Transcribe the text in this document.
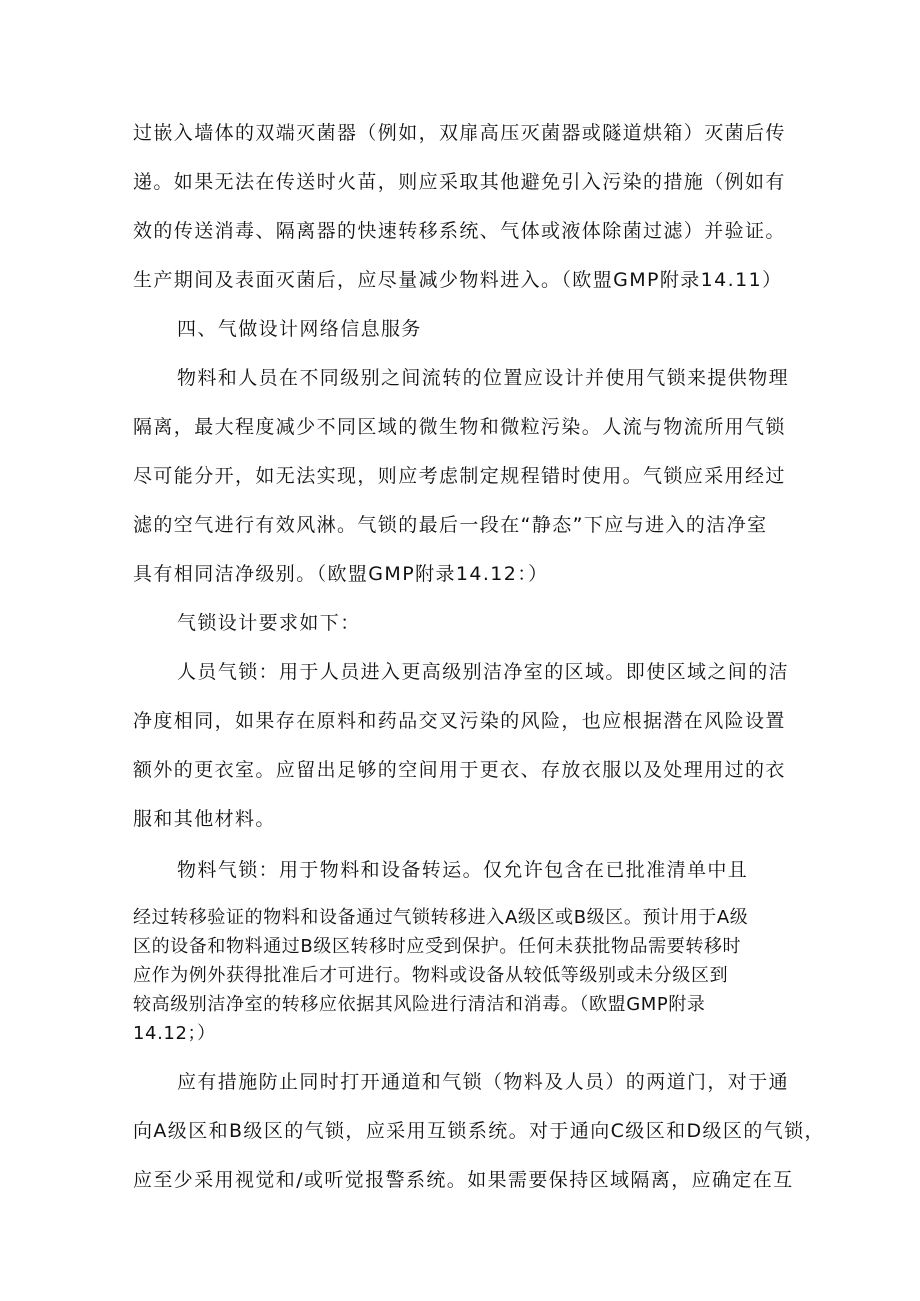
过嵌入墙体的双端灭菌器（例如，双扉高压灭菌器或隧道烘箱）灭菌后传
递。如果无法在传送时火苗，则应采取其他避免引入污染的措施（例如有
效的传送消毒、隔离器的快速转移系统、气体或液体除菌过滤）并验证。
生产期间及表面灭菌后，应尽量减少物料进入。（欧盟GMP附录14.11）
四、气做设计网络信息服务
物料和人员在不同级别之间流转的位置应设计并使用气锁来提供物理
隔离，最大程度减少不同区域的微生物和微粒污染。人流与物流所用气锁
尽可能分开，如无法实现，则应考虑制定规程错时使用。气锁应采用经过
滤的空气进行有效风淋。气锁的最后一段在“静态”下应与进入的洁净室
具有相同洁净级别。（欧盟GMP附录14.12：）
气锁设计要求如下：
人员气锁：用于人员进入更高级别洁净室的区域。即使区域之间的洁
净度相同，如果存在原料和药品交叉污染的风险，也应根据潜在风险设置
额外的更衣室。应留出足够的空间用于更衣、存放衣服以及处理用过的衣
服和其他材料。
物料气锁：用于物料和设备转运。仅允许包含在已批准清单中且
经过转移验证的物料和设备通过气锁转移进入A级区或B级区。预计用于A级
区的设备和物料通过B级区转移时应受到保护。任何未获批物品需要转移时
应作为例外获得批准后才可进行。物料或设备从较低等级别或未分级区到
较高级别洁净室的转移应依据其风险进行清洁和消毒。（欧盟GMP附录
14.12；）
应有措施防止同时打开通道和气锁（物料及人员）的两道门，对于通
向A级区和B级区的气锁，应采用互锁系统。对于通向C级区和D级区的气锁，
应至少采用视觉和/或听觉报警系统。如果需要保持区域隔离，应确定在互
